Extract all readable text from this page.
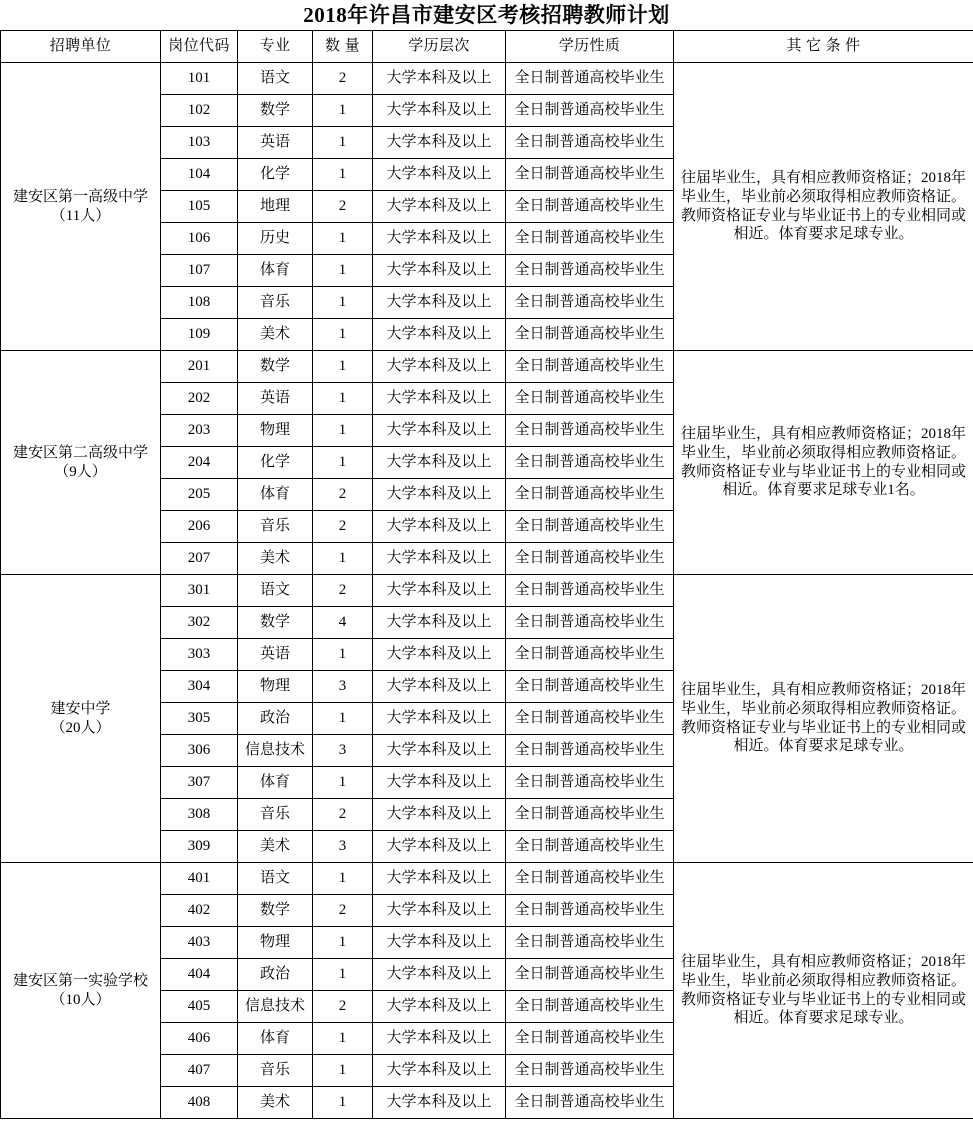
2018年许昌市建安区考核招聘教师计划
招聘单位	岗位代码	专业	数 量	学历层次	学历性质	其 它 条 件

建安区第一高级中学
（11人）	101	语文	2	大学本科及以上	全日制普通高校毕业生	往届毕业生，具有相应教师资格证；2018年毕业生，毕业前必须取得相应教师资格证。教师资格证专业与毕业证书上的专业相同或相近。体育要求足球专业。
	102	数学	1	大学本科及以上	全日制普通高校毕业生	
	103	英语	1	大学本科及以上	全日制普通高校毕业生	
	104	化学	1	大学本科及以上	全日制普通高校毕业生	
	105	地理	2	大学本科及以上	全日制普通高校毕业生	
	106	历史	1	大学本科及以上	全日制普通高校毕业生	
	107	体育	1	大学本科及以上	全日制普通高校毕业生	
	108	音乐	1	大学本科及以上	全日制普通高校毕业生	
	109	美术	1	大学本科及以上	全日制普通高校毕业生	

建安区第二高级中学
（9人）	201	数学	1	大学本科及以上	全日制普通高校毕业生	往届毕业生，具有相应教师资格证；2018年毕业生，毕业前必须取得相应教师资格证。教师资格证专业与毕业证书上的专业相同或相近。体育要求足球专业1名。
	202	英语	1	大学本科及以上	全日制普通高校毕业生	
	203	物理	1	大学本科及以上	全日制普通高校毕业生	
	204	化学	1	大学本科及以上	全日制普通高校毕业生	
	205	体育	2	大学本科及以上	全日制普通高校毕业生	
	206	音乐	2	大学本科及以上	全日制普通高校毕业生	
	207	美术	1	大学本科及以上	全日制普通高校毕业生	

建安中学
（20人）	301	语文	2	大学本科及以上	全日制普通高校毕业生	往届毕业生，具有相应教师资格证；2018年毕业生，毕业前必须取得相应教师资格证。教师资格证专业与毕业证书上的专业相同或相近。体育要求足球专业。
	302	数学	4	大学本科及以上	全日制普通高校毕业生	
	303	英语	1	大学本科及以上	全日制普通高校毕业生	
	304	物理	3	大学本科及以上	全日制普通高校毕业生	
	305	政治	1	大学本科及以上	全日制普通高校毕业生	
	306	信息技术	3	大学本科及以上	全日制普通高校毕业生	
	307	体育	1	大学本科及以上	全日制普通高校毕业生	
	308	音乐	2	大学本科及以上	全日制普通高校毕业生	
	309	美术	3	大学本科及以上	全日制普通高校毕业生	

建安区第一实验学校
（10人）	401	语文	1	大学本科及以上	全日制普通高校毕业生	往届毕业生，具有相应教师资格证；2018年毕业生，毕业前必须取得相应教师资格证。教师资格证专业与毕业证书上的专业相同或相近。体育要求足球专业。
	402	数学	2	大学本科及以上	全日制普通高校毕业生	
	403	物理	1	大学本科及以上	全日制普通高校毕业生	
	404	政治	1	大学本科及以上	全日制普通高校毕业生	
	405	信息技术	2	大学本科及以上	全日制普通高校毕业生	
	406	体育	1	大学本科及以上	全日制普通高校毕业生	
	407	音乐	1	大学本科及以上	全日制普通高校毕业生	
	408	美术	1	大学本科及以上	全日制普通高校毕业生	
